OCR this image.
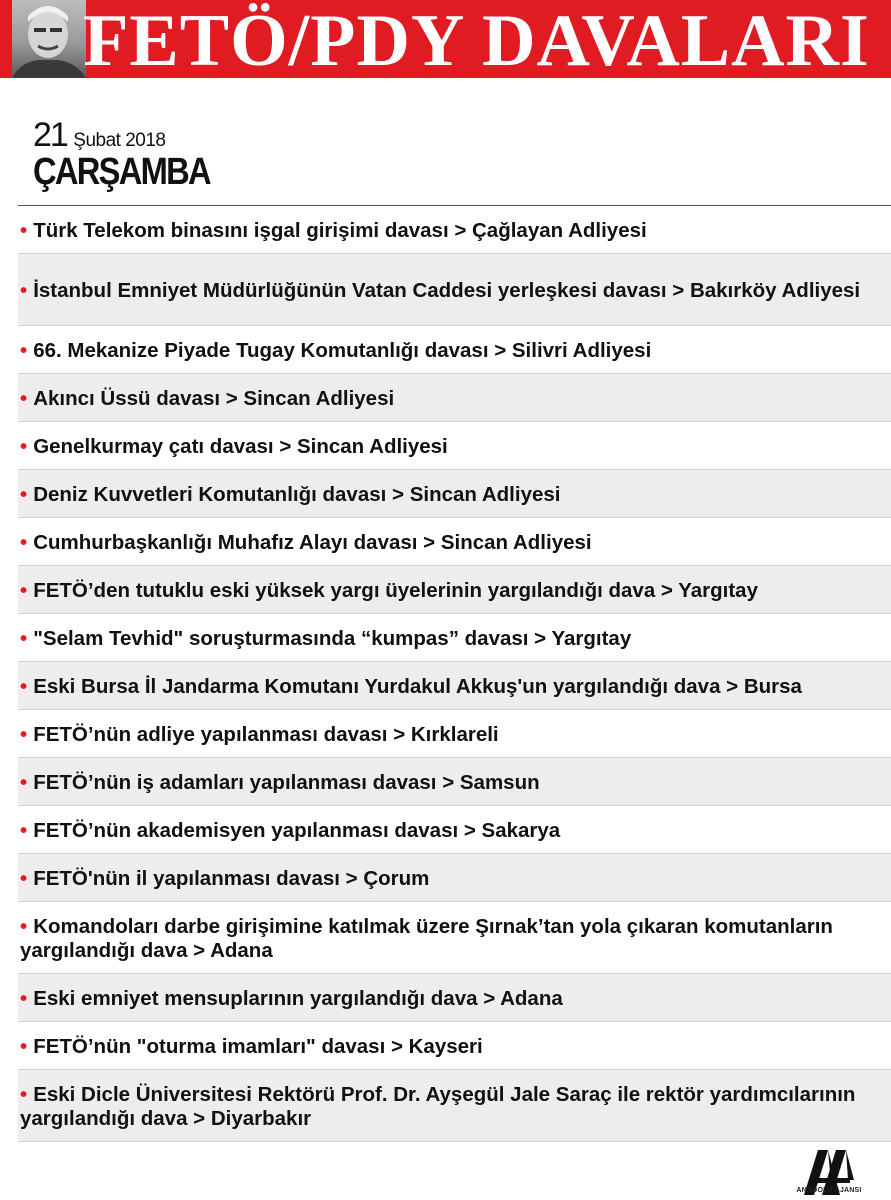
FETÖ/PDY DAVALARI
21 Şubat 2018
ÇARŞAMBA
• Türk Telekom binasını işgal girişimi davası > Çağlayan Adliyesi
• İstanbul Emniyet Müdürlüğünün Vatan Caddesi yerleşkesi davası > Bakırköy Adliyesi
• 66. Mekanize Piyade Tugay Komutanlığı davası > Silivri Adliyesi
• Akıncı Üssü davası > Sincan Adliyesi
• Genelkurmay çatı davası > Sincan Adliyesi
• Deniz Kuvvetleri Komutanlığı davası > Sincan Adliyesi
• Cumhurbaşkanlığı Muhafız Alayı davası > Sincan Adliyesi
• FETÖ’den tutuklu eski yüksek yargı üyelerinin yargılandığı dava > Yargıtay
• "Selam Tevhid" soruşturmasında “kumpas” davası > Yargıtay
• Eski Bursa İl Jandarma Komutanı Yurdakul Akkuş'un yargılandığı dava > Bursa
• FETÖ’nün adliye yapılanması davası > Kırklareli
• FETÖ’nün iş adamları yapılanması davası > Samsun
• FETÖ’nün akademisyen yapılanması davası > Sakarya
• FETÖ'nün il yapılanması davası > Çorum
• Komandoları darbe girişimine katılmak üzere Şırnak’tan yola çıkaran komutanların yargılandığı dava > Adana
• Eski emniyet mensuplarının yargılandığı dava > Adana
• FETÖ’nün "oturma imamları" davası > Kayseri
• Eski Dicle Üniversitesi Rektörü Prof. Dr. Ayşegül Jale Saraç ile rektör yardımcılarının yargılandığı dava > Diyarbakır
ANADOLU AJANSI
